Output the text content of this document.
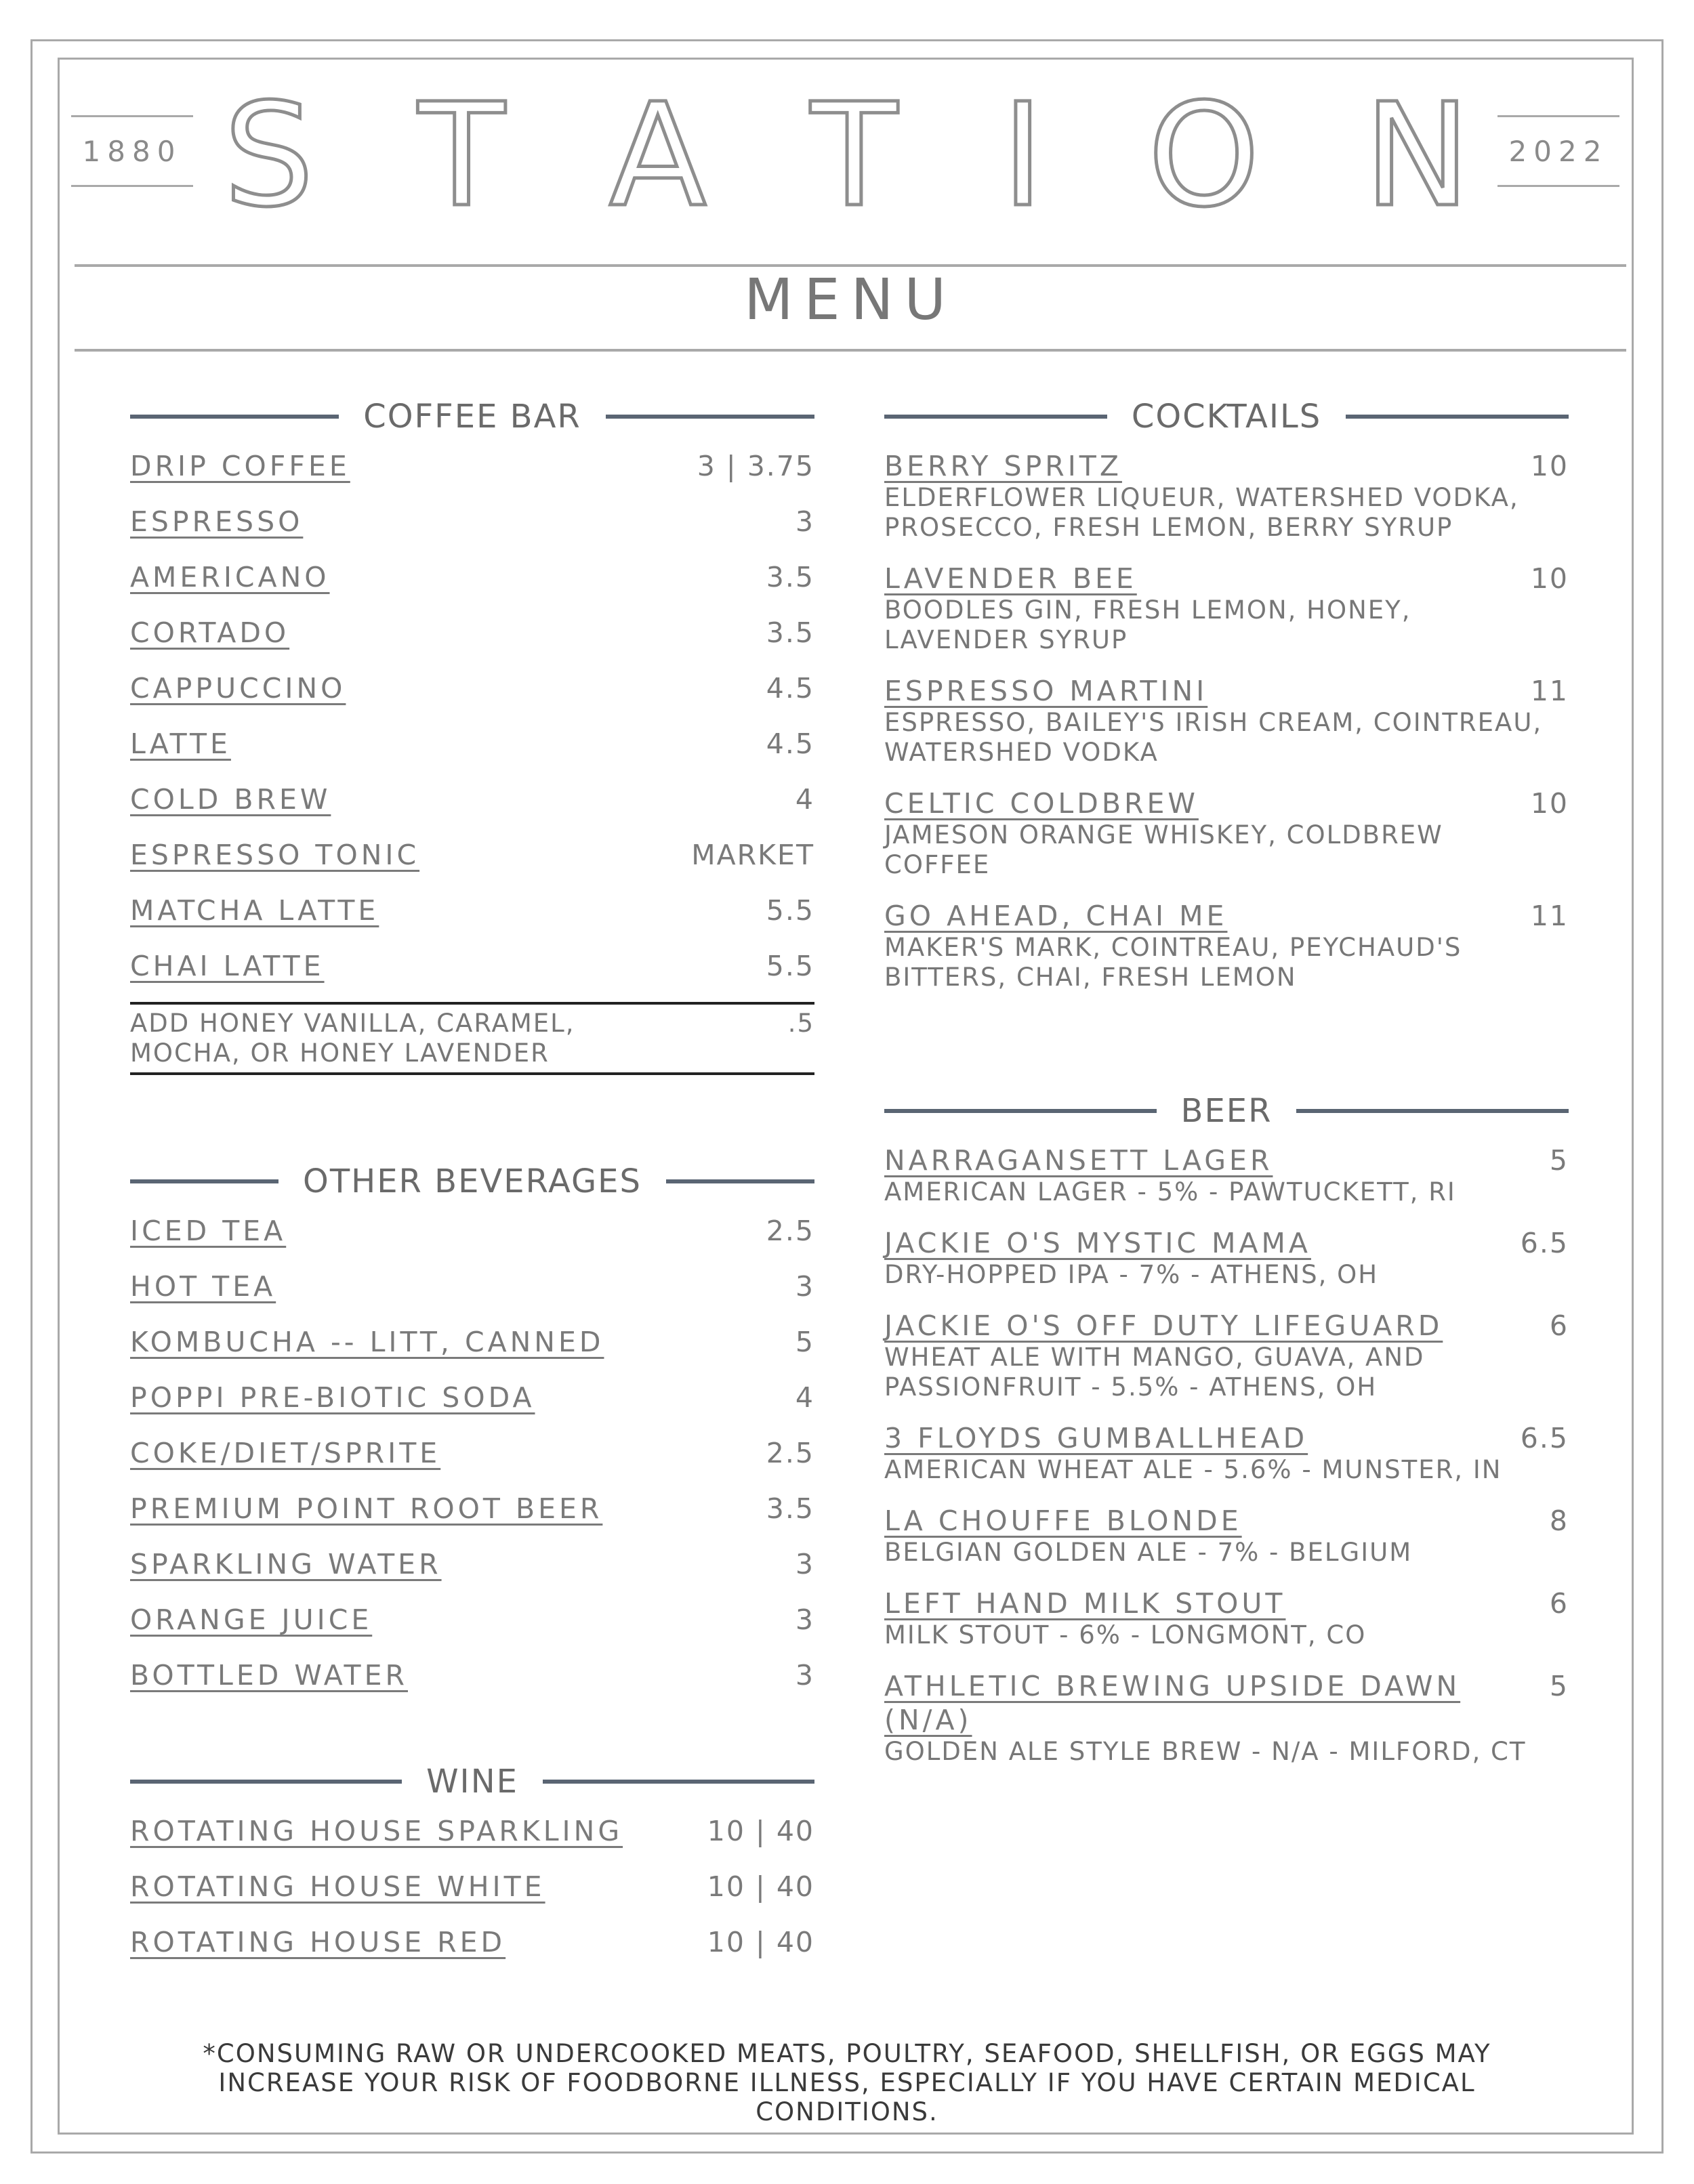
1880	2022
S T A T I O N
MENU
COFFEE BAR
DRIP COFFEE	3 | 3.75
ESPRESSO	3
AMERICANO	3.5
CORTADO	3.5
CAPPUCCINO	4.5
LATTE	4.5
COLD BREW	4
ESPRESSO TONIC	MARKET
MATCHA LATTE	5.5
CHAI LATTE	5.5
ADD HONEY VANILLA, CARAMEL, MOCHA, OR HONEY LAVENDER
.5
OTHER BEVERAGES
ICED TEA	2.5
HOT TEA	3
KOMBUCHA -- LITT, CANNED	5
POPPI PRE-BIOTIC SODA	4
COKE/DIET/SPRITE	2.5
PREMIUM POINT ROOT BEER	3.5
SPARKLING WATER	3
ORANGE JUICE	3
BOTTLED WATER	3
WINE
ROTATING HOUSE SPARKLING	10 | 40
ROTATING HOUSE WHITE	10 | 40
ROTATING HOUSE RED	10 | 40
COCKTAILS
BERRY SPRITZ	10
ELDERFLOWER LIQUEUR, WATERSHED VODKA, PROSECCO, FRESH LEMON, BERRY SYRUP
LAVENDER BEE	10
BOODLES GIN, FRESH LEMON, HONEY, LAVENDER SYRUP
ESPRESSO MARTINI	11
ESPRESSO, BAILEY'S IRISH CREAM, COINTREAU, WATERSHED VODKA
CELTIC COLDBREW	10
JAMESON ORANGE WHISKEY, COLDBREW COFFEE
GO AHEAD, CHAI ME	11
MAKER'S MARK, COINTREAU, PEYCHAUD'S BITTERS, CHAI, FRESH LEMON
BEER
NARRAGANSETT LAGER	5
AMERICAN LAGER - 5% - PAWTUCKETT, RI
JACKIE O'S MYSTIC MAMA	6.5
DRY-HOPPED IPA - 7% - ATHENS, OH
JACKIE O'S OFF DUTY LIFEGUARD	6
WHEAT ALE WITH MANGO, GUAVA, AND PASSIONFRUIT - 5.5% - ATHENS, OH
3 FLOYDS GUMBALLHEAD	6.5
AMERICAN WHEAT ALE - 5.6% - MUNSTER, IN
LA CHOUFFE BLONDE	8
BELGIAN GOLDEN ALE - 7% - BELGIUM
LEFT HAND MILK STOUT	6
MILK STOUT - 6% - LONGMONT, CO
ATHLETIC BREWING UPSIDE DAWN (N/A)
5
GOLDEN ALE STYLE BREW - N/A - MILFORD, CT
*CONSUMING RAW OR UNDERCOOKED MEATS, POULTRY, SEAFOOD, SHELLFISH, OR EGGS MAY INCREASE YOUR RISK OF FOODBORNE ILLNESS, ESPECIALLY IF YOU HAVE CERTAIN MEDICAL CONDITIONS.
